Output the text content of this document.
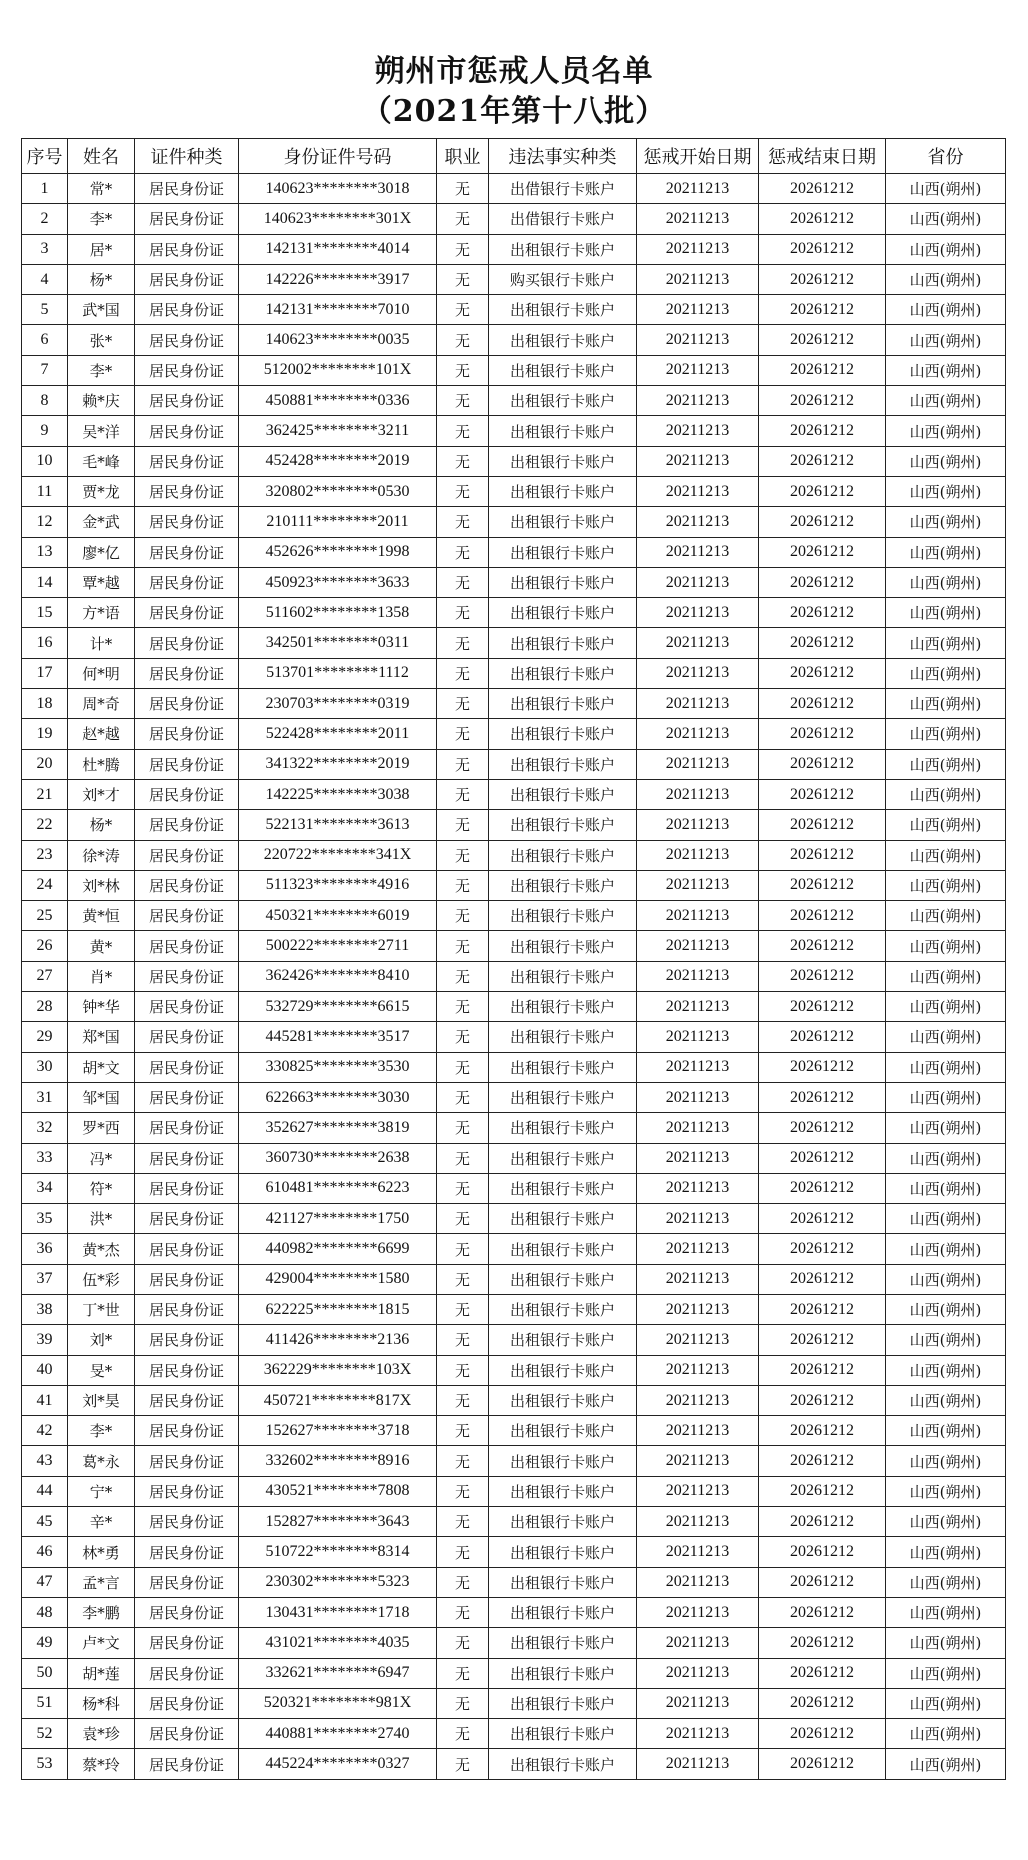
朔州市惩戒人员名单
（2021年第十八批）
序号	姓名	证件种类	身份证件号码	职业	违法事实种类	惩戒开始日期	惩戒结束日期	省份
1	常*	居民身份证	140623********3018	无	出借银行卡账户	20211213	20261212	山西(朔州)
2	李*	居民身份证	140623********301X	无	出借银行卡账户	20211213	20261212	山西(朔州)
3	居*	居民身份证	142131********4014	无	出租银行卡账户	20211213	20261212	山西(朔州)
4	杨*	居民身份证	142226********3917	无	购买银行卡账户	20211213	20261212	山西(朔州)
5	武*国	居民身份证	142131********7010	无	出租银行卡账户	20211213	20261212	山西(朔州)
6	张*	居民身份证	140623********0035	无	出租银行卡账户	20211213	20261212	山西(朔州)
7	李*	居民身份证	512002********101X	无	出租银行卡账户	20211213	20261212	山西(朔州)
8	赖*庆	居民身份证	450881********0336	无	出租银行卡账户	20211213	20261212	山西(朔州)
9	吴*洋	居民身份证	362425********3211	无	出租银行卡账户	20211213	20261212	山西(朔州)
10	毛*峰	居民身份证	452428********2019	无	出租银行卡账户	20211213	20261212	山西(朔州)
11	贾*龙	居民身份证	320802********0530	无	出租银行卡账户	20211213	20261212	山西(朔州)
12	金*武	居民身份证	210111********2011	无	出租银行卡账户	20211213	20261212	山西(朔州)
13	廖*亿	居民身份证	452626********1998	无	出租银行卡账户	20211213	20261212	山西(朔州)
14	覃*越	居民身份证	450923********3633	无	出租银行卡账户	20211213	20261212	山西(朔州)
15	方*语	居民身份证	511602********1358	无	出租银行卡账户	20211213	20261212	山西(朔州)
16	计*	居民身份证	342501********0311	无	出租银行卡账户	20211213	20261212	山西(朔州)
17	何*明	居民身份证	513701********1112	无	出租银行卡账户	20211213	20261212	山西(朔州)
18	周*奇	居民身份证	230703********0319	无	出租银行卡账户	20211213	20261212	山西(朔州)
19	赵*越	居民身份证	522428********2011	无	出租银行卡账户	20211213	20261212	山西(朔州)
20	杜*腾	居民身份证	341322********2019	无	出租银行卡账户	20211213	20261212	山西(朔州)
21	刘*才	居民身份证	142225********3038	无	出租银行卡账户	20211213	20261212	山西(朔州)
22	杨*	居民身份证	522131********3613	无	出租银行卡账户	20211213	20261212	山西(朔州)
23	徐*涛	居民身份证	220722********341X	无	出租银行卡账户	20211213	20261212	山西(朔州)
24	刘*林	居民身份证	511323********4916	无	出租银行卡账户	20211213	20261212	山西(朔州)
25	黄*恒	居民身份证	450321********6019	无	出租银行卡账户	20211213	20261212	山西(朔州)
26	黄*	居民身份证	500222********2711	无	出租银行卡账户	20211213	20261212	山西(朔州)
27	肖*	居民身份证	362426********8410	无	出租银行卡账户	20211213	20261212	山西(朔州)
28	钟*华	居民身份证	532729********6615	无	出租银行卡账户	20211213	20261212	山西(朔州)
29	郑*国	居民身份证	445281********3517	无	出租银行卡账户	20211213	20261212	山西(朔州)
30	胡*文	居民身份证	330825********3530	无	出租银行卡账户	20211213	20261212	山西(朔州)
31	邹*国	居民身份证	622663********3030	无	出租银行卡账户	20211213	20261212	山西(朔州)
32	罗*西	居民身份证	352627********3819	无	出租银行卡账户	20211213	20261212	山西(朔州)
33	冯*	居民身份证	360730********2638	无	出租银行卡账户	20211213	20261212	山西(朔州)
34	符*	居民身份证	610481********6223	无	出租银行卡账户	20211213	20261212	山西(朔州)
35	洪*	居民身份证	421127********1750	无	出租银行卡账户	20211213	20261212	山西(朔州)
36	黄*杰	居民身份证	440982********6699	无	出租银行卡账户	20211213	20261212	山西(朔州)
37	伍*彩	居民身份证	429004********1580	无	出租银行卡账户	20211213	20261212	山西(朔州)
38	丁*世	居民身份证	622225********1815	无	出租银行卡账户	20211213	20261212	山西(朔州)
39	刘*	居民身份证	411426********2136	无	出租银行卡账户	20211213	20261212	山西(朔州)
40	旻*	居民身份证	362229********103X	无	出租银行卡账户	20211213	20261212	山西(朔州)
41	刘*昊	居民身份证	450721********817X	无	出租银行卡账户	20211213	20261212	山西(朔州)
42	李*	居民身份证	152627********3718	无	出租银行卡账户	20211213	20261212	山西(朔州)
43	葛*永	居民身份证	332602********8916	无	出租银行卡账户	20211213	20261212	山西(朔州)
44	宁*	居民身份证	430521********7808	无	出租银行卡账户	20211213	20261212	山西(朔州)
45	辛*	居民身份证	152827********3643	无	出租银行卡账户	20211213	20261212	山西(朔州)
46	林*勇	居民身份证	510722********8314	无	出租银行卡账户	20211213	20261212	山西(朔州)
47	孟*言	居民身份证	230302********5323	无	出租银行卡账户	20211213	20261212	山西(朔州)
48	李*鹏	居民身份证	130431********1718	无	出租银行卡账户	20211213	20261212	山西(朔州)
49	卢*文	居民身份证	431021********4035	无	出租银行卡账户	20211213	20261212	山西(朔州)
50	胡*莲	居民身份证	332621********6947	无	出租银行卡账户	20211213	20261212	山西(朔州)
51	杨*科	居民身份证	520321********981X	无	出租银行卡账户	20211213	20261212	山西(朔州)
52	袁*珍	居民身份证	440881********2740	无	出租银行卡账户	20211213	20261212	山西(朔州)
53	蔡*玲	居民身份证	445224********0327	无	出租银行卡账户	20211213	20261212	山西(朔州)
